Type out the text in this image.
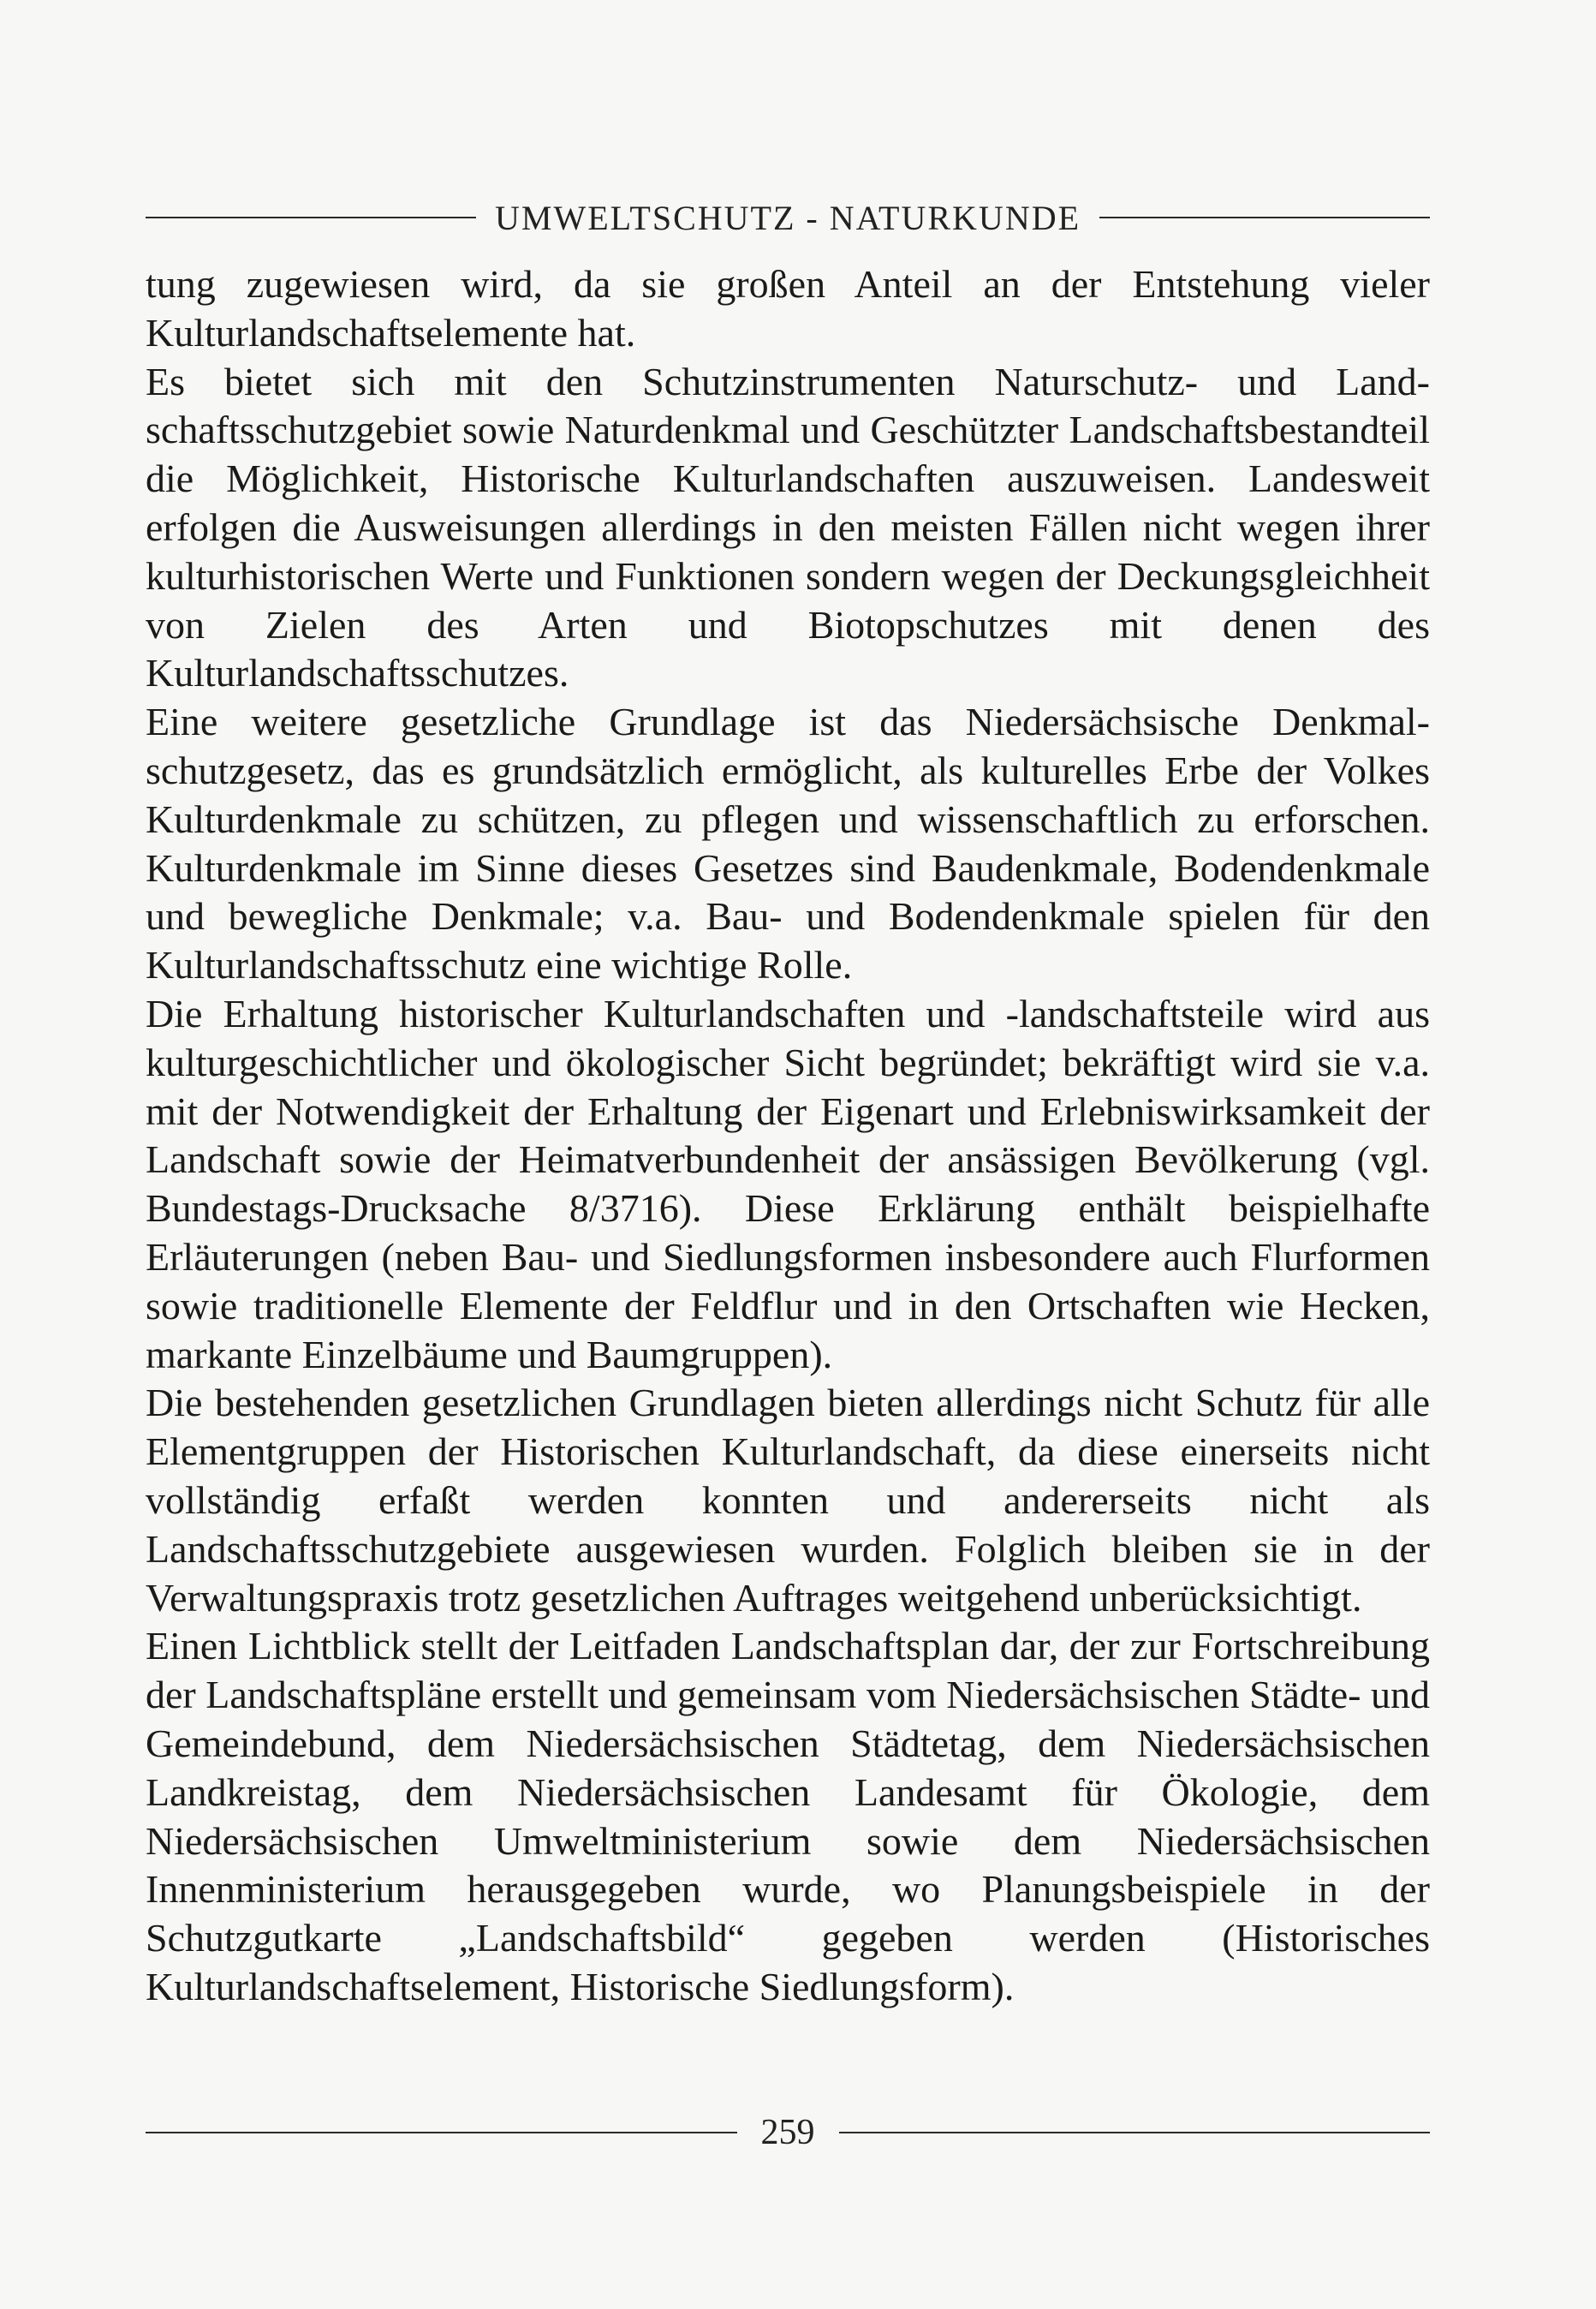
UMWELTSCHUTZ - NATURKUNDE

tung zugewiesen wird, da sie großen Anteil an der Entstehung vieler Kulturlandschaftselemente hat.

Es bietet sich mit den Schutzinstrumenten Naturschutz- und Landschaftsschutzgebiet sowie Naturdenkmal und Geschützter Landschaftsbestandteil die Möglichkeit, Historische Kulturlandschaften auszuweisen. Landesweit erfolgen die Ausweisungen allerdings in den meisten Fällen nicht wegen ihrer kulturhistorischen Werte und Funktionen sondern wegen der Deckungsgleichheit von Zielen des Arten und Biotopschutzes mit denen des Kulturlandschaftsschutzes.

Eine weitere gesetzliche Grundlage ist das Niedersächsische Denkmalschutzgesetz, das es grundsätzlich ermöglicht, als kulturelles Erbe der Volkes Kulturdenkmale zu schützen, zu pflegen und wissenschaftlich zu erforschen. Kulturdenkmale im Sinne dieses Gesetzes sind Baudenkmale, Bodendenkmale und bewegliche Denkmale; v.a. Bau- und Bodendenkmale spielen für den Kulturlandschaftsschutz eine wichtige Rolle.

Die Erhaltung historischer Kulturlandschaften und -landschaftsteile wird aus kulturgeschichtlicher und ökologischer Sicht begründet; bekräftigt wird sie v.a. mit der Notwendigkeit der Erhaltung der Eigenart und Erlebniswirksamkeit der Landschaft sowie der Heimatverbundenheit der ansässigen Bevölkerung (vgl. Bundestags-Drucksache 8/3716). Diese Erklärung enthält beispielhafte Erläuterungen (neben Bau- und Siedlungsformen insbesondere auch Flurformen sowie traditionelle Elemente der Feldflur und in den Ortschaften wie Hecken, markante Einzelbäume und Baumgruppen).

Die bestehenden gesetzlichen Grundlagen bieten allerdings nicht Schutz für alle Elementgruppen der Historischen Kulturlandschaft, da diese einerseits nicht vollständig erfaßt werden konnten und andererseits nicht als Landschaftsschutzgebiete ausgewiesen wurden. Folglich bleiben sie in der Verwaltungspraxis trotz gesetzlichen Auftrages weitgehend unberücksichtigt.

Einen Lichtblick stellt der Leitfaden Landschaftsplan dar, der zur Fortschreibung der Landschaftspläne erstellt und gemeinsam vom Niedersächsischen Städte- und Gemeindebund, dem Niedersächsischen Städtetag, dem Niedersächsischen Landkreistag, dem Niedersächsischen Landesamt für Ökologie, dem Niedersächsischen Umweltministerium sowie dem Niedersächsischen Innenministerium herausgegeben wurde, wo Planungsbeispiele in der Schutzgutkarte „Landschaftsbild“ gegeben werden (Historisches Kulturlandschaftselement, Historische Siedlungsform).

259
